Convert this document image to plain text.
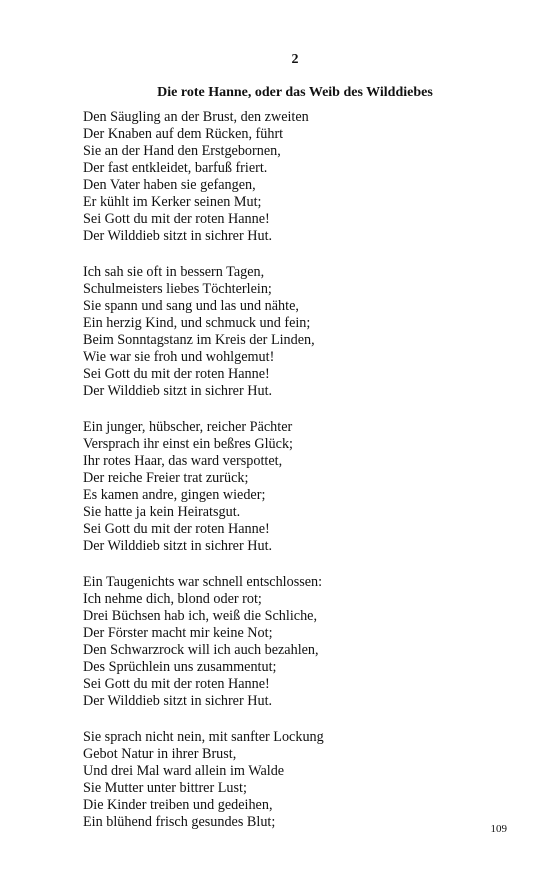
2
Die rote Hanne, oder das Weib des Wilddiebes
Den Säugling an der Brust, den zweiten
Der Knaben auf dem Rücken, führt
Sie an der Hand den Erstgebornen,
Der fast entkleidet, barfuß friert.
Den Vater haben sie gefangen,
Er kühlt im Kerker seinen Mut;
Sei Gott du mit der roten Hanne!
Der Wilddieb sitzt in sichrer Hut.
Ich sah sie oft in bessern Tagen,
Schulmeisters liebes Töchterlein;
Sie spann und sang und las und nähte,
Ein herzig Kind, und schmuck und fein;
Beim Sonntagstanz im Kreis der Linden,
Wie war sie froh und wohlgemut!
Sei Gott du mit der roten Hanne!
Der Wilddieb sitzt in sichrer Hut.
Ein junger, hübscher, reicher Pächter
Versprach ihr einst ein beßres Glück;
Ihr rotes Haar, das ward verspottet,
Der reiche Freier trat zurück;
Es kamen andre, gingen wieder;
Sie hatte ja kein Heiratsgut.
Sei Gott du mit der roten Hanne!
Der Wilddieb sitzt in sichrer Hut.
Ein Taugenichts war schnell entschlossen:
Ich nehme dich, blond oder rot;
Drei Büchsen hab ich, weiß die Schliche,
Der Förster macht mir keine Not;
Den Schwarzrock will ich auch bezahlen,
Des Sprüchlein uns zusammentut;
Sei Gott du mit der roten Hanne!
Der Wilddieb sitzt in sichrer Hut.
Sie sprach nicht nein, mit sanfter Lockung
Gebot Natur in ihrer Brust,
Und drei Mal ward allein im Walde
Sie Mutter unter bittrer Lust;
Die Kinder treiben und gedeihen,
Ein blühend frisch gesundes Blut;	109
